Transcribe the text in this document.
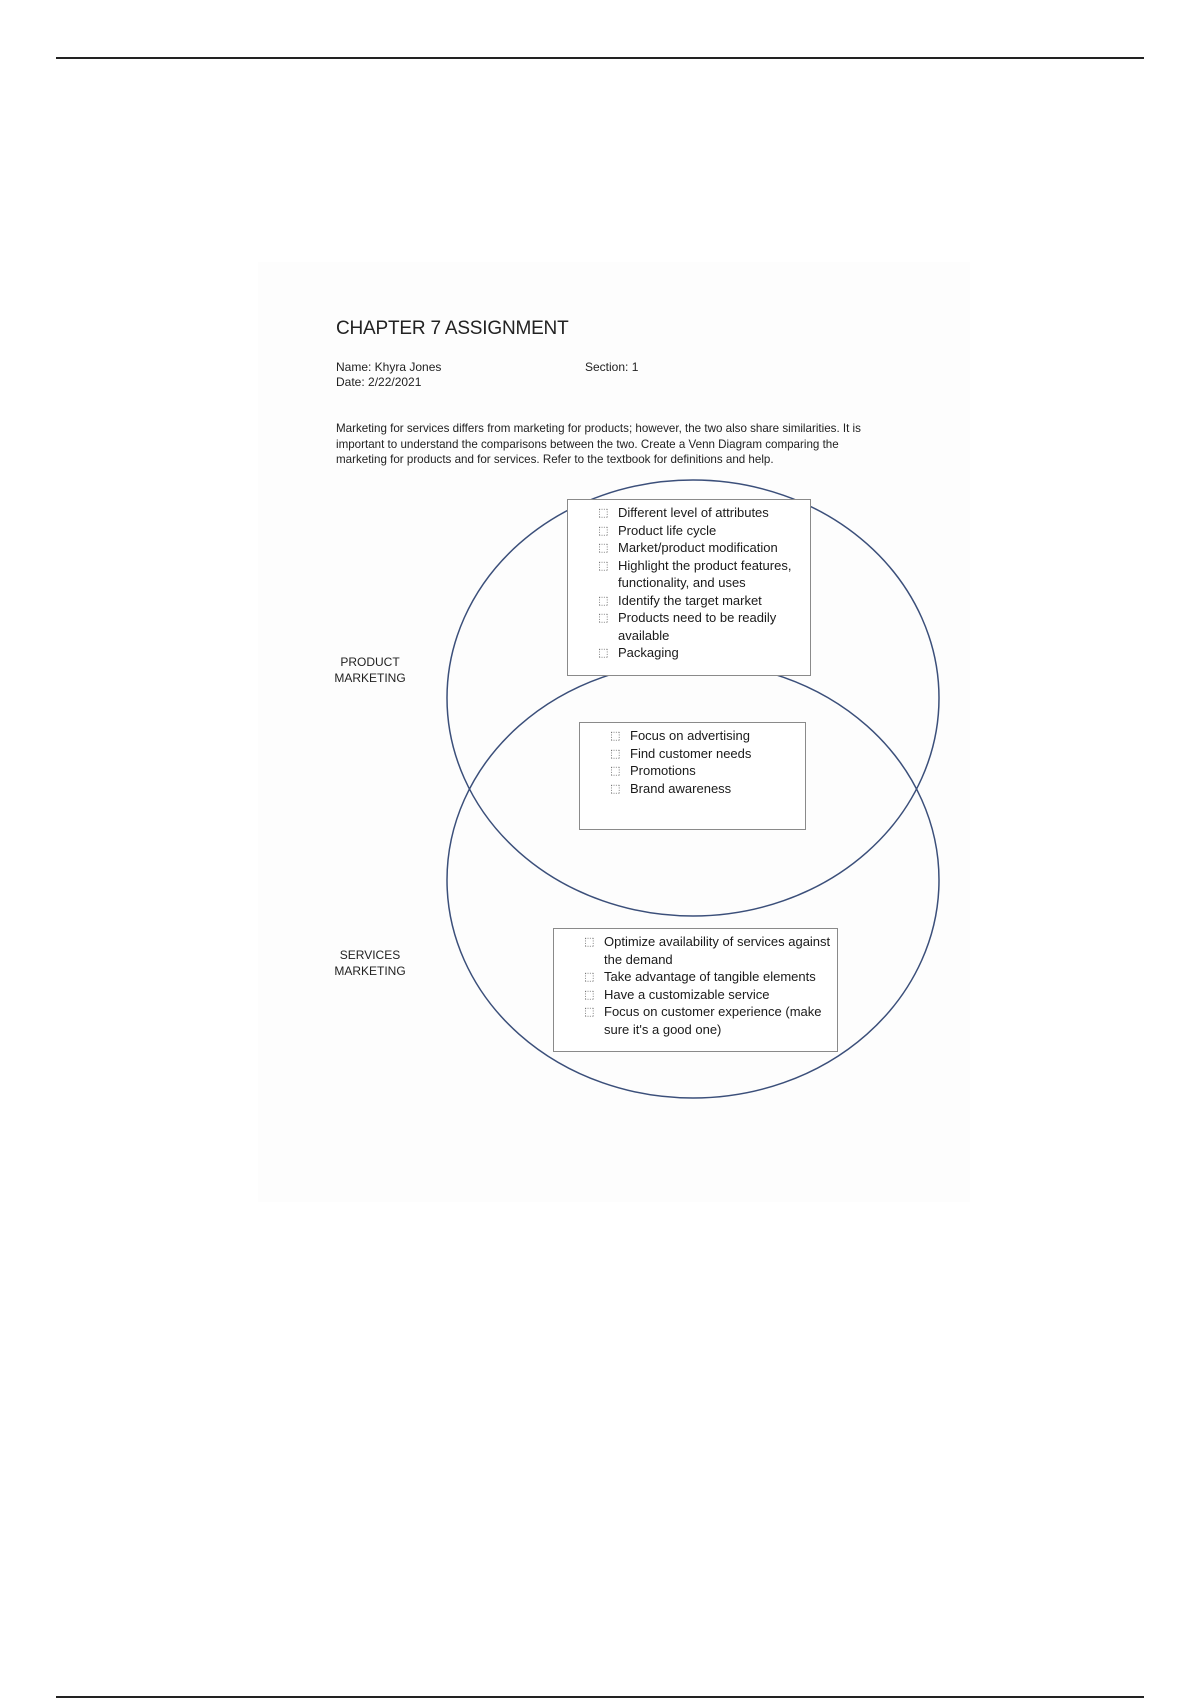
CHAPTER 7 ASSIGNMENT
Name: Khyra Jones	Section: 1
Date: 2/22/2021

Marketing for services differs from marketing for products; however, the two also share similarities. It is important to understand the comparisons between the two. Create a Venn Diagram comparing the marketing for products and for services. Refer to the textbook for definitions and help.

PRODUCT MARKETING
SERVICES MARKETING
⬚ Different level of attributes
⬚ Product life cycle
⬚ Market/product modification
⬚ Highlight the product features, functionality, and uses
⬚ Identify the target market
⬚ Products need to be readily available
⬚ Packaging
⬚ Focus on advertising
⬚ Find customer needs
⬚ Promotions
⬚ Brand awareness
⬚ Optimize availability of services against the demand
⬚ Take advantage of tangible elements
⬚ Have a customizable service
⬚ Focus on customer experience (make sure it's a good one)
